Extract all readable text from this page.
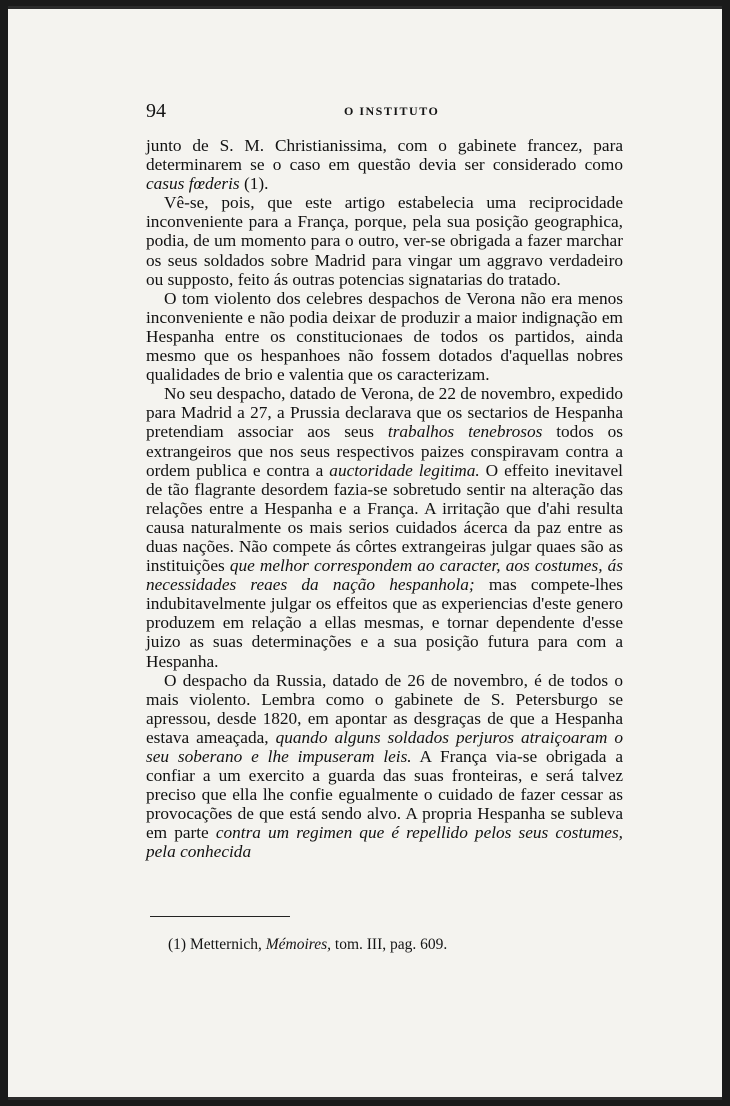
94	O INSTITUTO

junto de S. M. Christianissima, com o gabinete francez, para determinarem se o caso em questão devia ser considerado como casus fœderis (1).

Vê-se, pois, que este artigo estabelecia uma reciprocidade inconveniente para a França, porque, pela sua posição geographica, podia, de um momento para o outro, ver-se obrigada a fazer marchar os seus soldados sobre Madrid para vingar um aggravo verdadeiro ou supposto, feito ás outras potencias signatarias do tratado.

O tom violento dos celebres despachos de Verona não era menos inconveniente e não podia deixar de produzir a maior indignação em Hespanha entre os constitucionaes de todos os partidos, ainda mesmo que os hespanhoes não fossem dotados d'aquellas nobres qualidades de brio e valentia que os caracterizam.

No seu despacho, datado de Verona, de 22 de novembro, expedido para Madrid a 27, a Prussia declarava que os sectarios de Hespanha pretendiam associar aos seus trabalhos tenebrosos todos os extrangeiros que nos seus respectivos paizes conspiravam contra a ordem publica e contra a auctoridade legitima. O effeito inevitavel de tão flagrante desordem fazia-se sobretudo sentir na alteração das relações entre a Hespanha e a França. A irritação que d'ahi resulta causa naturalmente os mais serios cuidados ácerca da paz entre as duas nações. Não compete ás côrtes extrangeiras julgar quaes são as instituições que melhor correspondem ao caracter, aos costumes, ás necessidades reaes da nação hespanhola; mas compete-lhes indubitavelmente julgar os effeitos que as experiencias d'este genero produzem em relação a ellas mesmas, e tornar dependente d'esse juizo as suas determinações e a sua posição futura para com a Hespanha.

O despacho da Russia, datado de 26 de novembro, é de todos o mais violento. Lembra como o gabinete de S. Petersburgo se apressou, desde 1820, em apontar as desgraças de que a Hespanha estava ameaçada, quando alguns soldados perjuros atraiçoaram o seu soberano e lhe impuseram leis. A França via-se obrigada a confiar a um exercito a guarda das suas fronteiras, e será talvez preciso que ella lhe confie egualmente o cuidado de fazer cessar as provocações de que está sendo alvo. A propria Hespanha se subleva em parte contra um regimen que é repellido pelos seus costumes, pela conhecida

(1) Metternich, Mémoires, tom. III, pag. 609.
